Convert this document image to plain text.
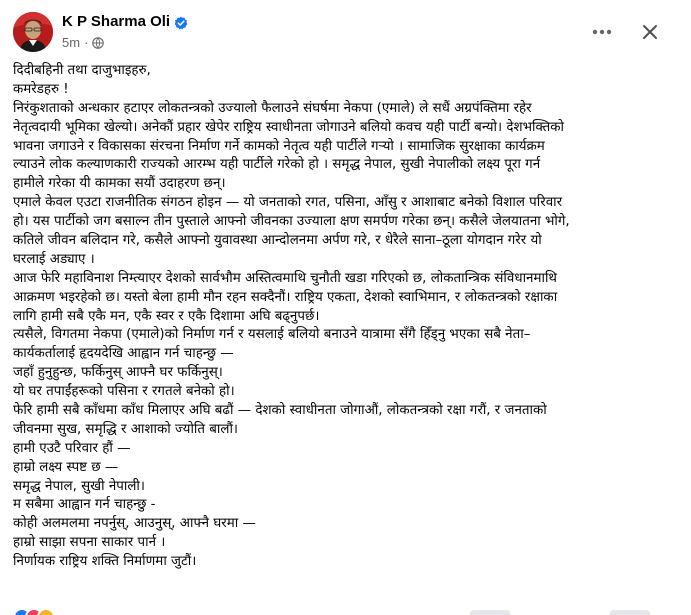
K P Sharma Oli
5m ·
दिदीबहिनी तथा दाजुभाइहरु,
कमरेडहरु !
निरंकुशताको अन्धकार हटाएर लोकतन्त्रको उज्यालो फैलाउने संघर्षमा नेकपा (एमाले) ले सधैं अग्रपंक्तिमा रहेर
नेतृत्वदायी भूमिका खेल्यो। अनेकौं प्रहार खेपेर राष्ट्रिय स्वाधीनता जोगाउने बलियो कवच यही पार्टी बन्यो। देशभक्तिको
भावना जगाउने र विकासका संरचना निर्माण गर्ने कामको नेतृत्व यही पार्टीले गर्‍यो । सामाजिक सुरक्षाका कार्यक्रम
ल्याउने लोक कल्याणकारी राज्यको आरम्भ यही पार्टीले गरेको हो । समृद्ध नेपाल, सुखी नेपालीको लक्ष्य पूरा गर्न
हामीले गरेका यी कामका सयौं उदाहरण छन्।
एमाले केवल एउटा राजनीतिक संगठन होइन — यो जनताको रगत, पसिना, आँसु र आशाबाट बनेको विशाल परिवार
हो। यस पार्टीको जग बसाल्न तीन पुस्ताले आफ्नो जीवनका उज्याला क्षण समर्पण गरेका छन्। कसैले जेलयातना भोगे,
कतिले जीवन बलिदान गरे, कसैले आफ्नो युवावस्था आन्दोलनमा अर्पण गरे, र धेरैले साना–ठूला योगदान गरेर यो
घरलाई अड्याए ।
आज फेरि महाविनाश निम्त्याएर देशको सार्वभौम अस्तित्वमाथि चुनौती खडा गरिएको छ, लोकतान्त्रिक संविधानमाथि
आक्रमण भइरहेको छ। यस्तो बेला हामी मौन रहन सक्दैनौं। राष्ट्रिय एकता, देशको स्वाभिमान, र लोकतन्त्रको रक्षाका
लागि हामी सबै एकै मन, एकै स्वर र एकै दिशामा अघि बढ्नुपर्छ।
त्यसैले, विगतमा नेकपा (एमाले)को निर्माण गर्न र यसलाई बलियो बनाउने यात्रामा सँगै हिँड्नु भएका सबै नेता–
कार्यकर्तालाई हृदयदेखि आह्वान गर्न चाहन्छु —
जहाँ हुनुहुन्छ, फर्किनुस् आफ्नै घर फर्किनुस्।
यो घर तपाईंहरूको पसिना र रगतले बनेको हो।
फेरि हामी सबै काँधमा काँध मिलाएर अघि बढौं — देशको स्वाधीनता जोगाऔं, लोकतन्त्रको रक्षा गरौं, र जनताको
जीवनमा सुख, समृद्धि र आशाको ज्योति बालौं।
हामी एउटै परिवार हौं —
हाम्रो लक्ष्य स्पष्ट छ —
समृद्ध नेपाल, सुखी नेपाली।
म सबैमा आह्वान गर्न चाहन्छु -
कोही अलमलमा नपर्नुस्, आउनुस्, आफ्नै घरमा —
हाम्रो साझा सपना साकार पार्न ।
निर्णायक राष्ट्रिय शक्ति निर्माणमा जुटौं।
